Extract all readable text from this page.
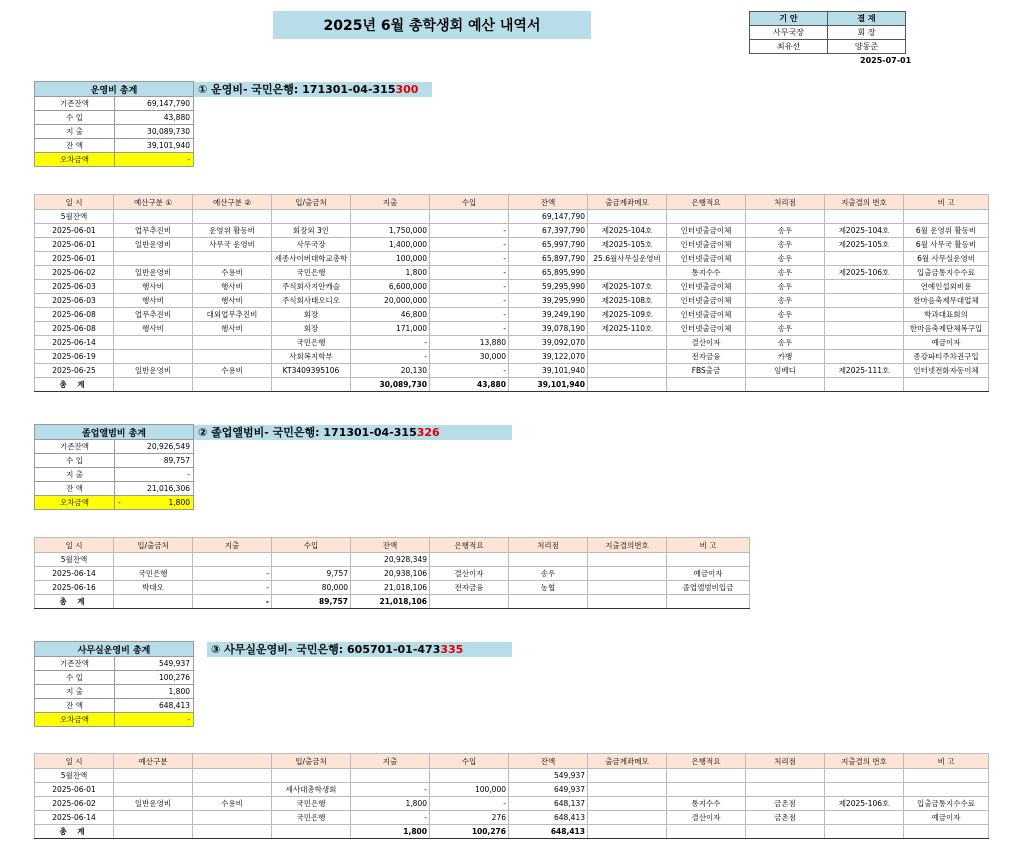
2025년 6월 총학생회 예산 내역서	기 안	결 재
사무국장	회 장
최유선	양동준
2025-07-01
운영비 총계	
기존잔액	69,147,790
수 입	43,880
지 출	30,089,730
잔 액	39,101,940
오차금액	-
① 운영비- 국민은행: 171301-04-315300
일 시	예산구분 ①	예산구분 ②	입/출금처	지출	수입	잔액	출금계좌메모	은행적요	처리점	지출결의 번호	비 고
5월잔액						69,147,790					
2025-06-01	업무추진비	운영위 활동비	회장외 3인	1,750,000	-	67,397,790	제2025-104호	인터넷출금이체	송우	제2025-104호	6월 운영위 활동비
2025-06-01	일반운영비	사무국 운영비	사무국장	1,400,000	-	65,997,790	제2025-105호	인터넷출금이체	송우	제2025-105호	6월 사무국 활동비
2025-06-01			세종사이버대학교총학	100,000	-	65,897,790	25.6월사무실운영비	인터넷출금이체	송우		6월 사무실운영비
2025-06-02	일반운영비	수용비	국민은행	1,800	-	65,895,990		통지수수	송우	제2025-106호	입출금통지수수료
2025-06-03	행사비	행사비	주식회사지안캐슬	6,600,000	-	59,295,990	제2025-107호	인터넷출금이체	송우		연예인섭외비용
2025-06-03	행사비	행사비	주식회사태오디오	20,000,000	-	39,295,990	제2025-108호	인터넷출금이체	송우		한마음축제무대업체
2025-06-08	업무추진비	대외업무추진비	회장	46,800	-	39,249,190	제2025-109호	인터넷출금이체	송우		학과대표회의
2025-06-08	행사비	행사비	회장	171,000	-	39,078,190	제2025-110호	인터넷출금이체	송우		한마음축제단체복구입
2025-06-14			국민은행	-	13,880	39,092,070		결산이자	송우		예금이자
2025-06-19			사회복지학부	-	30,000	39,122,070		전자금융	카뱅		종강파티주차권구입
2025-06-25	일반운영비	수용비	KT3409395106	20,130	-	39,101,940		FBS출금	임베디	제2025-111호	인터넷전화자동이체
총 계				30,089,730	43,880	39,101,940					
졸업앨범비 총계	
기존잔액	20,926,549
수 입	89,757
지 출	-
잔 액	21,016,306
오차금액	- 1,800
② 졸업앨범비- 국민은행: 171301-04-315326
일 시	입/출금처	지출	수입	잔액	은행적요	처리점	지출결의번호	비 고
5월잔액				20,928,349				
2025-06-14	국민은행	-	9,757	20,938,106	결산이자	송우		예금이자
2025-06-16	박대오	-	80,000	21,018,106	전자금융	농협		졸업앨범비입금
총 계		-	89,757	21,018,106				
사무실운영비 총계	
기존잔액	549,937
수 입	100,276
지 출	1,800
잔 액	648,413
오차금액	-
③ 사무실운영비- 국민은행: 605701-01-473335
일 시	예산구분		입/출금처	지출	수입	잔액	출금계좌메모	은행적요	처리점	지출결의 번호	비 고
5월잔액						549,937					
2025-06-01			세사대총학생회	-	100,000	649,937					
2025-06-02	일반운영비	수용비	국민은행	1,800	-	648,137		통지수수	금촌점	제2025-106호	입출금통지수수료
2025-06-14			국민은행	-	276	648,413		결산이자	금촌점		예금이자
총 계				1,800	100,276	648,413					
